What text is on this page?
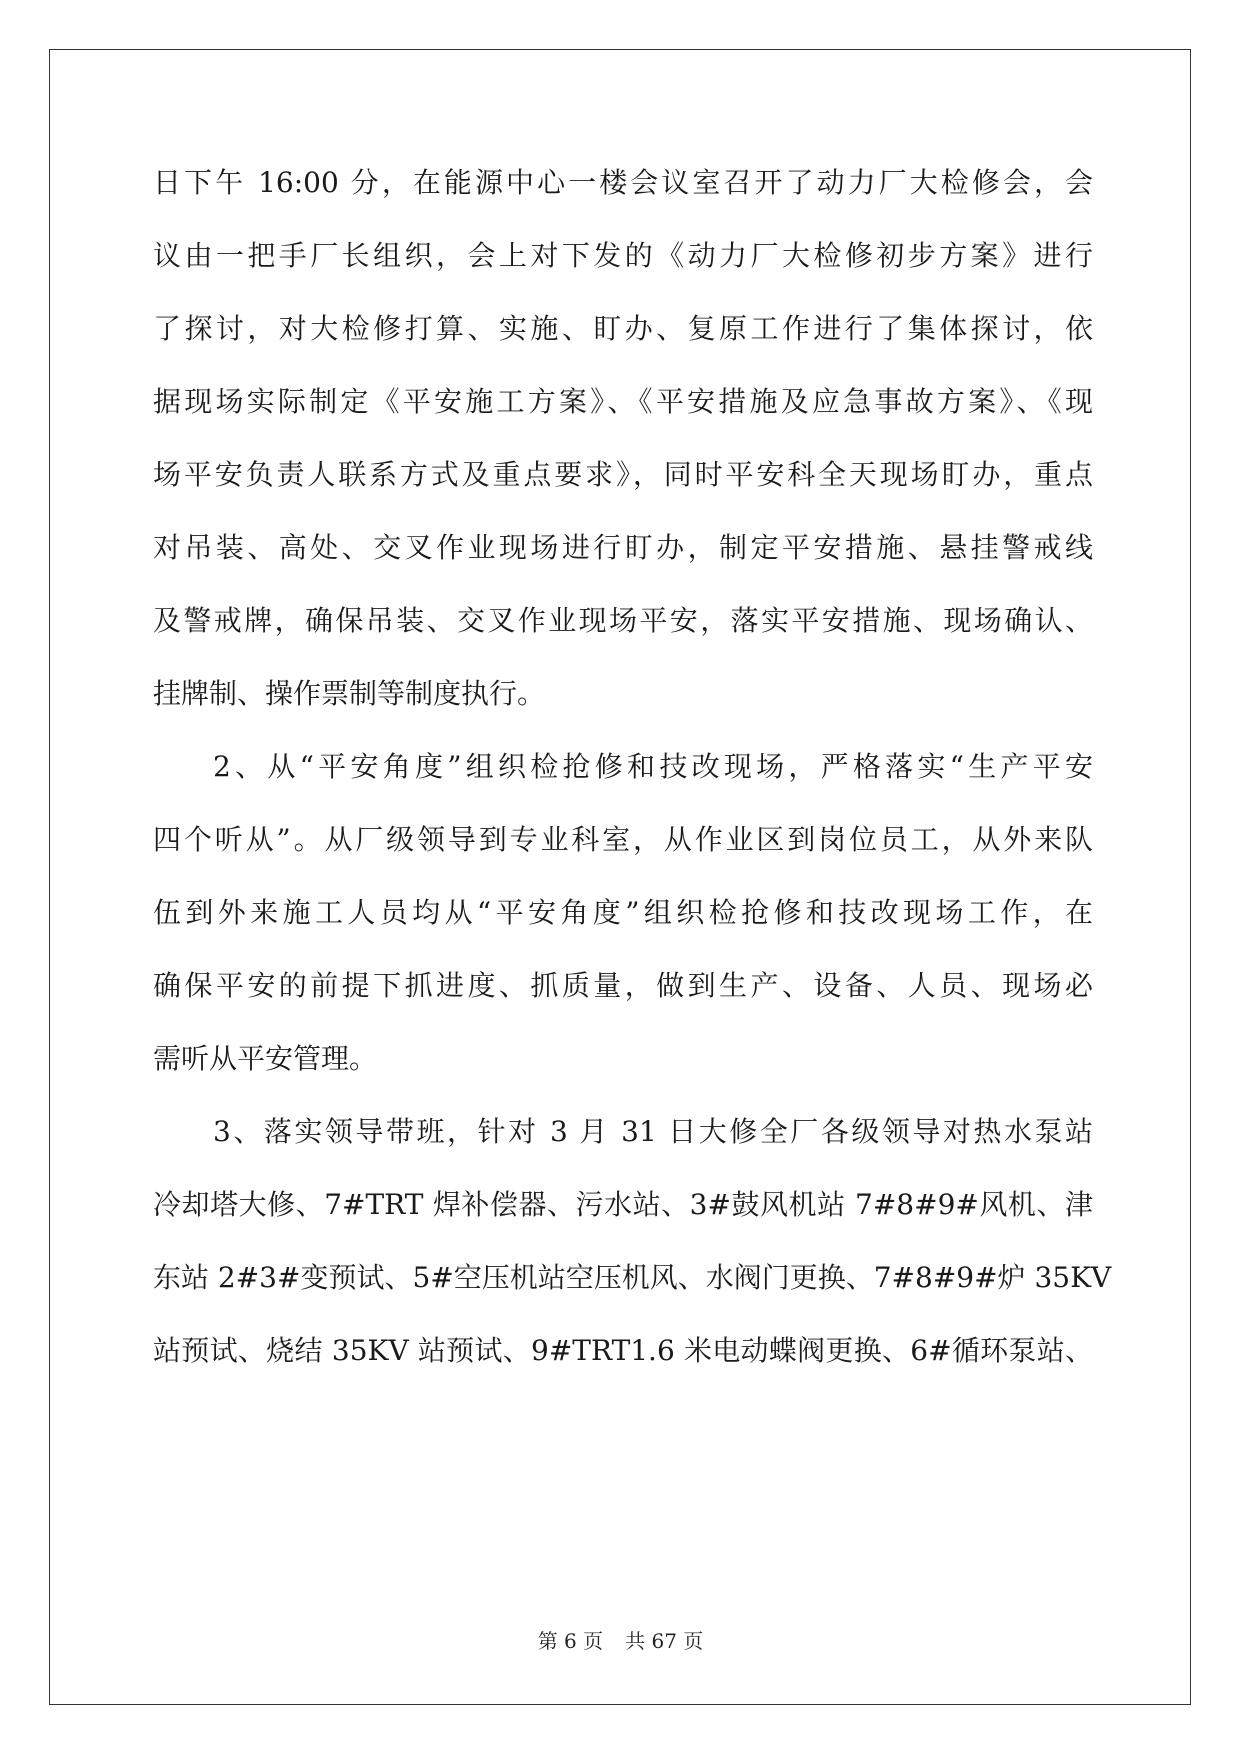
日下午 16:00 分，在能源中心一楼会议室召开了动力厂大检修会，会
议由一把手厂长组织，会上对下发的《动力厂大检修初步方案》进行
了探讨，对大检修打算、实施、盯办、复原工作进行了集体探讨，依
据现场实际制定《平安施工方案》、《平安措施及应急事故方案》、《现
场平安负责人联系方式及重点要求》，同时平安科全天现场盯办，重点
对吊装、高处、交叉作业现场进行盯办，制定平安措施、悬挂警戒线
及警戒牌，确保吊装、交叉作业现场平安，落实平安措施、现场确认、
挂牌制、操作票制等制度执行。
2、从“平安角度”组织检抢修和技改现场，严格落实“生产平安
四个听从”。从厂级领导到专业科室，从作业区到岗位员工，从外来队
伍到外来施工人员均从“平安角度”组织检抢修和技改现场工作，在
确保平安的前提下抓进度、抓质量，做到生产、设备、人员、现场必
需听从平安管理。
3、落实领导带班，针对 3 月 31 日大修全厂各级领导对热水泵站
冷却塔大修、7#TRT 焊补偿器、污水站、3#鼓风机站 7#8#9#风机、津
东站 2#3#变预试、5#空压机站空压机风、水阀门更换、7#8#9#炉 35KV
站预试、烧结 35KV 站预试、9#TRT1.6 米电动蝶阀更换、6#循环泵站、
第 6 页 共 67 页
